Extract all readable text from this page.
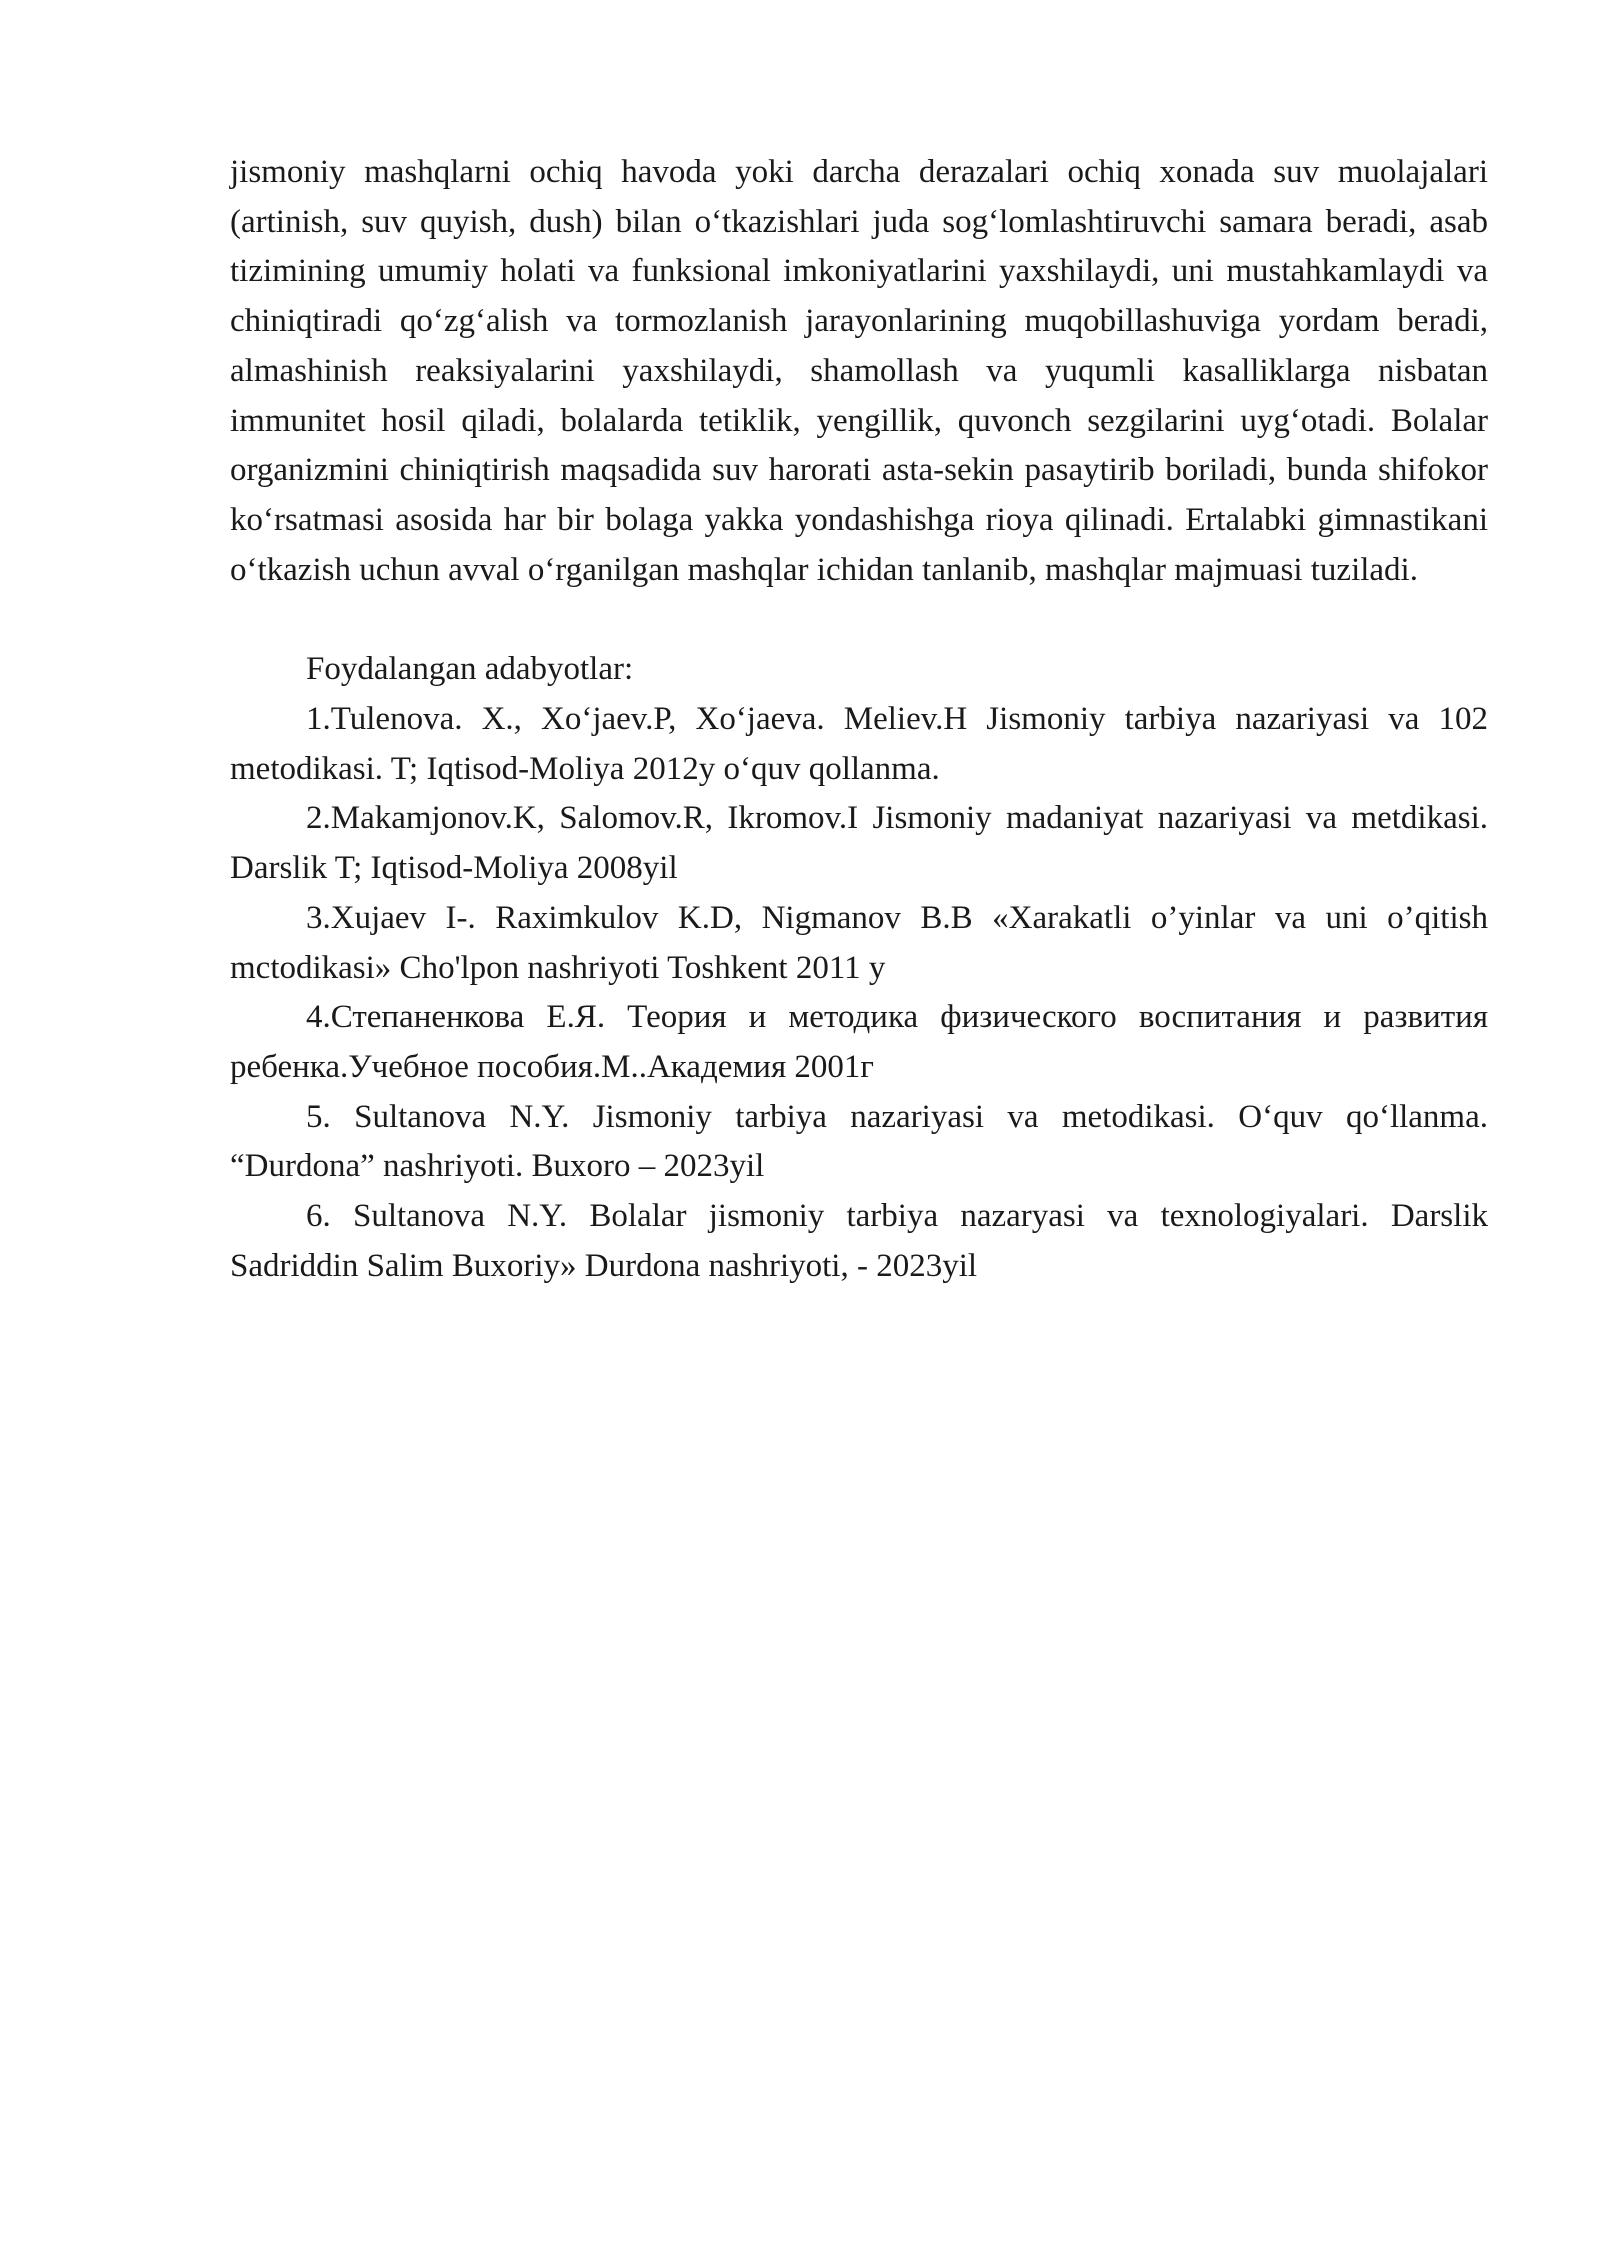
jismoniy mashqlarni ochiq havoda yoki darcha derazalari ochiq xonada suv muolajalari (artinish, suv quyish, dush) bilan o‘tkazishlari juda sog‘lomlashtiruvchi samara beradi, asab tizimining umumiy holati va funksional imkoniyatlarini yaxshilaydi, uni mustahkamlaydi va chiniqtiradi qo‘zg‘alish va tormozlanish jarayonlarining muqobillashuviga yordam beradi, almashinish reaksiyalarini yaxshilaydi, shamollash va yuqumli kasalliklarga nisbatan immunitet hosil qiladi, bolalarda tetiklik, yengillik, quvonch sezgilarini uyg‘otadi. Bolalar organizmini chiniqtirish maqsadida suv harorati asta-sekin pasaytirib boriladi, bunda shifokor ko‘rsatmasi asosida har bir bolaga yakka yondashishga rioya qilinadi. Ertalabki gimnastikani o‘tkazish uchun avval o‘rganilgan mashqlar ichidan tanlanib, mashqlar majmuasi tuziladi.

Foydalangan adabyotlar:

1.Tulenova. X., Xo‘jaev.P, Xo‘jaeva. Meliev.H Jismoniy tarbiya nazariyasi va 102 metodikasi. T; Iqtisod-Moliya 2012y o‘quv qollanma.

2.Makamjonov.K, Salomov.R, Ikromov.I Jismoniy madaniyat nazariyasi va metdikasi. Darslik T; Iqtisod-Moliya 2008yil

3.Xujaev I-. Raximkulov K.D, Nigmanov B.B «Xarakatli o’yinlar va uni o’qitish mctodikasi» Cho'lpon nashriyoti Toshkent 2011 y

4.Степаненкова Е.Я. Теория и методика физического воспитания и развития ребенка.Учебное пособия.М..Академия 2001г

5. Sultanova N.Y. Jismoniy tarbiya nazariyasi va metodikasi. O‘quv qo‘llanma. “Durdona” nashriyoti. Buxoro – 2023yil

6. Sultanova N.Y. Bolalar jismoniy tarbiya nazaryasi va texnologiyalari. Darslik Sadriddin Salim Buxoriy» Durdona nashriyoti, - 2023yil
